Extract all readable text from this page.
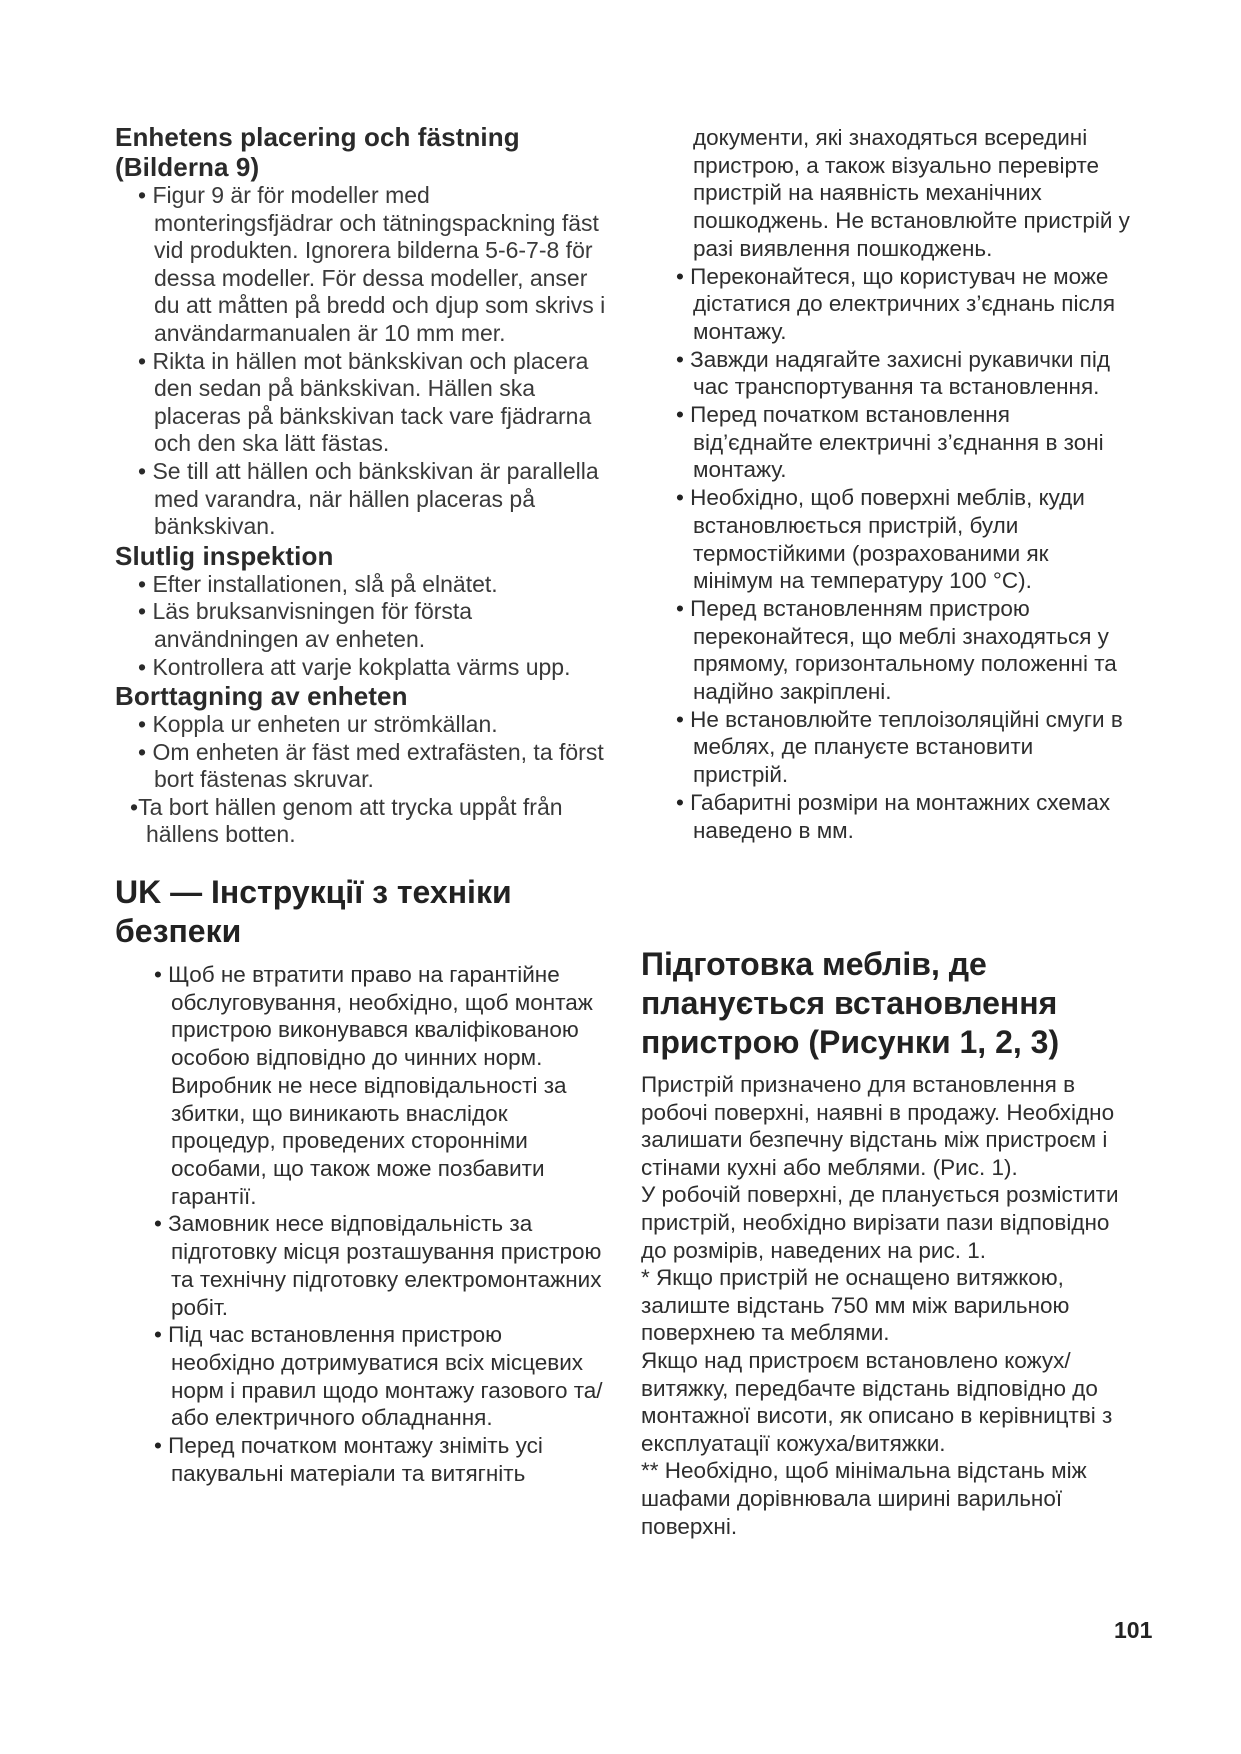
Enhetens placering och fästning (Bilderna 9)
• Figur 9 är för modeller med monteringsfjädrar och tätningspackning fäst vid produkten. Ignorera bilderna 5-6-7-8 för dessa modeller. För dessa modeller, anser du att måtten på bredd och djup som skrivs i användarmanualen är 10 mm mer.
• Rikta in hällen mot bänkskivan och placera den sedan på bänkskivan. Hällen ska placeras på bänkskivan tack vare fjädrarna och den ska lätt fästas.
• Se till att hällen och bänkskivan är parallella med varandra, när hällen placeras på bänkskivan.
Slutlig inspektion
• Efter installationen, slå på elnätet.
• Läs bruksanvisningen för första användningen av enheten.
• Kontrollera att varje kokplatta värms upp.
Borttagning av enheten
• Koppla ur enheten ur strömkällan.
• Om enheten är fäst med extrafästen, ta först bort fästenas skruvar.
• Ta bort hällen genom att trycka uppåt från hällens botten.
UK — Інструкції з техніки безпеки
• Щоб не втратити право на гарантійне обслуговування, необхідно, щоб монтаж пристрою виконувався кваліфікованою особою відповідно до чинних норм. Виробник не несе відповідальності за збитки, що виникають внаслідок процедур, проведених сторонніми особами, що також може позбавити гарантії.
• Замовник несе відповідальність за підготовку місця розташування пристрою та технічну підготовку електромонтажних робіт.
• Під час встановлення пристрою необхідно дотримуватися всіх місцевих норм і правил щодо монтажу газового та/або електричного обладнання.
• Перед початком монтажу зніміть усі пакувальні матеріали та витягніть

документи, які знаходяться всередині пристрою, а також візуально перевірте пристрій на наявність механічних пошкоджень. Не встановлюйте пристрій у разі виявлення пошкоджень.

• Переконайтеся, що користувач не може дістатися до електричних з’єднань після монтажу.
• Завжди надягайте захисні рукавички під час транспортування та встановлення.
• Перед початком встановлення від’єднайте електричні з’єднання в зоні монтажу.
• Необхідно, щоб поверхні меблів, куди встановлюється пристрій, були термостійкими (розрахованими як мінімум на температуру 100 °C).
• Перед встановленням пристрою переконайтеся, що меблі знаходяться у прямому, горизонтальному положенні та надійно закріплені.
• Не встановлюйте теплоізоляційні смуги в меблях, де плануєте встановити пристрій.
• Габаритні розміри на монтажних схемах наведено в мм.
Підготовка меблів, де планується встановлення пристрою (Рисунки 1, 2, 3)

Пристрій призначено для встановлення в робочі поверхні, наявні в продажу. Необхідно залишати безпечну відстань між пристроєм і стінами кухні або меблями. (Рис. 1).

У робочій поверхні, де планується розмістити пристрій, необхідно вирізати пази відповідно до розмірів, наведених на рис. 1.

* Якщо пристрій не оснащено витяжкою, залиште відстань 750 мм між варильною поверхнею та меблями.

Якщо над пристроєм встановлено кожух/витяжку, передбачте відстань відповідно до монтажної висоти, як описано в керівництві з експлуатації кожуха/витяжки.

** Необхідно, щоб мінімальна відстань між шафами дорівнювала ширині варильної поверхні.

101
